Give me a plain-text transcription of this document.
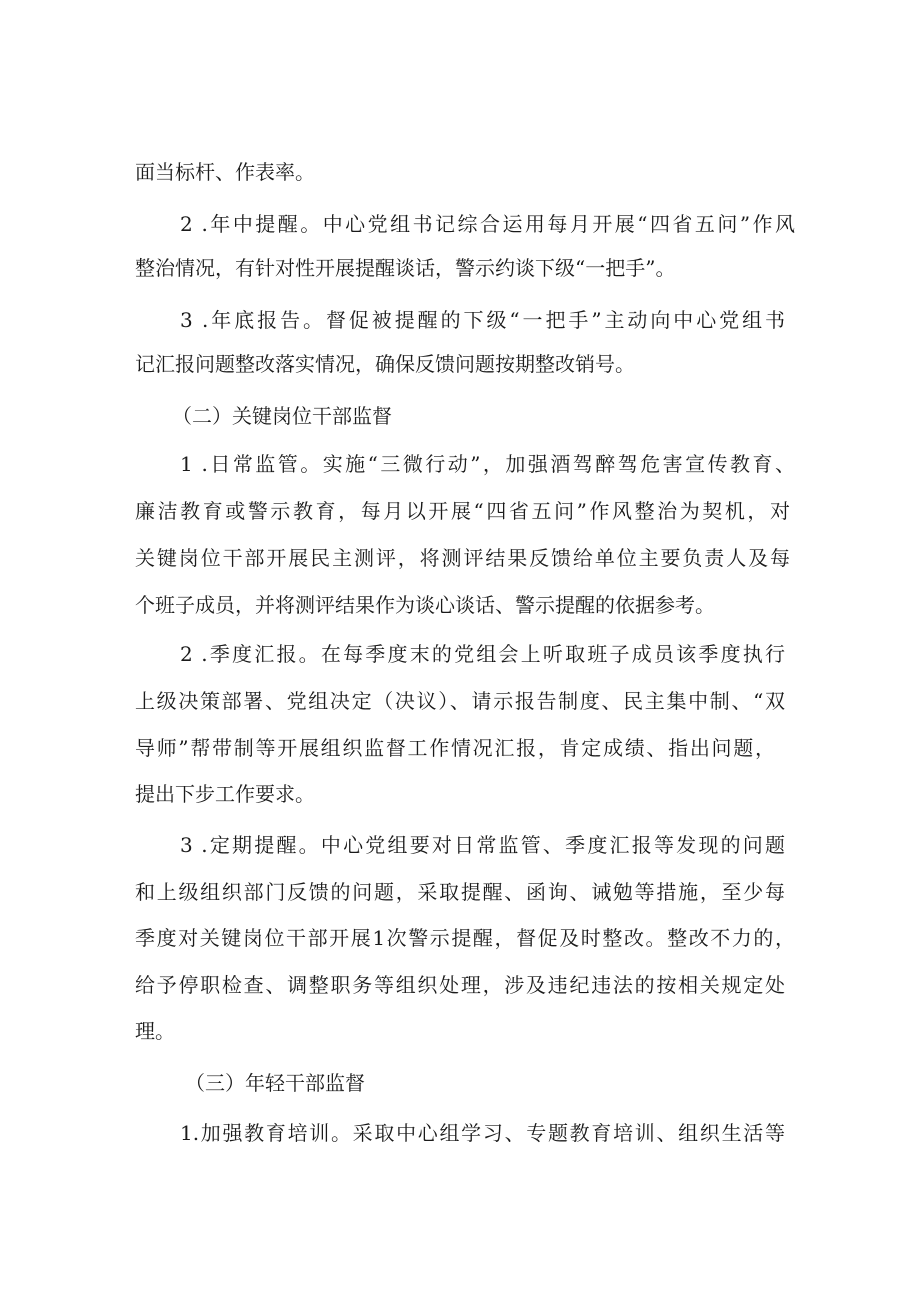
面当标杆、作表率。
2 .年中提醒。中心党组书记综合运用每月开展“四省五问”作风
整治情况，有针对性开展提醒谈话，警示约谈下级“一把手”。
3 .年底报告。督促被提醒的下级“一把手”主动向中心党组书
记汇报问题整改落实情况，确保反馈问题按期整改销号。
（二）关键岗位干部监督
1 .日常监管。实施“三微行动”，加强酒驾醉驾危害宣传教育、
廉洁教育或警示教育，每月以开展“四省五问”作风整治为契机，对
关键岗位干部开展民主测评，将测评结果反馈给单位主要负责人及每
个班子成员，并将测评结果作为谈心谈话、警示提醒的依据参考。
2 .季度汇报。在每季度末的党组会上听取班子成员该季度执行
上级决策部署、党组决定（决议）、请示报告制度、民主集中制、“双
导师”帮带制等开展组织监督工作情况汇报，肯定成绩、指出问题，
提出下步工作要求。
3 .定期提醒。中心党组要对日常监管、季度汇报等发现的问题
和上级组织部门反馈的问题，采取提醒、函询、诫勉等措施，至少每
季度对关键岗位干部开展1次警示提醒，督促及时整改。整改不力的，
给予停职检查、调整职务等组织处理，涉及违纪违法的按相关规定处
理。
（三）年轻干部监督
1.加强教育培训。采取中心组学习、专题教育培训、组织生活等
